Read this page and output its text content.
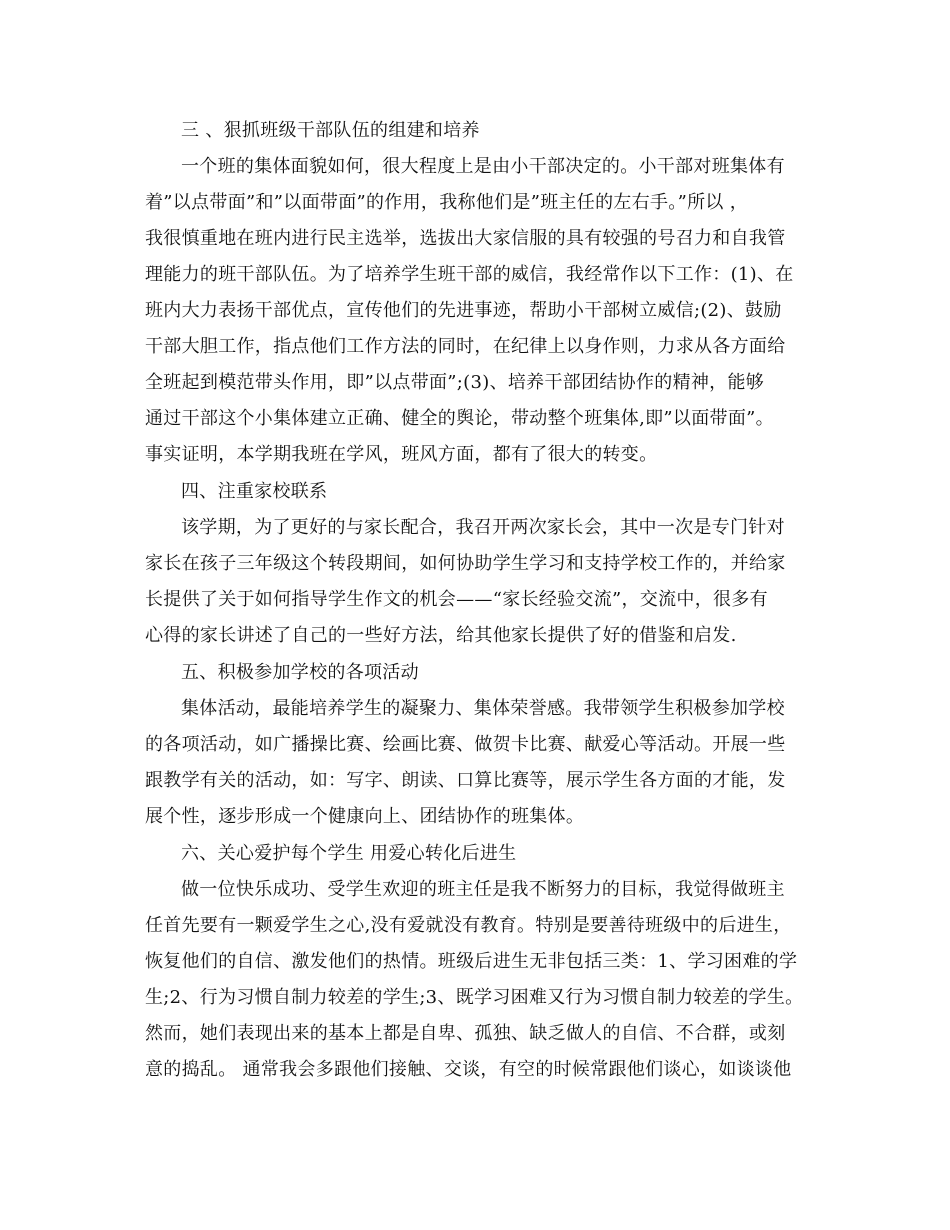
三 、狠抓班级干部队伍的组建和培养
一个班的集体面貌如何，很大程度上是由小干部决定的。小干部对班集体有
着”以点带面”和”以面带面”的作用，我称他们是”班主任的左右手。”所以 ，
我很慎重地在班内进行民主选举，选拔出大家信服的具有较强的号召力和自我管
理能力的班干部队伍。为了培养学生班干部的威信，我经常作以下工作：(1)、在
班内大力表扬干部优点，宣传他们的先进事迹，帮助小干部树立威信;(2)、鼓励
干部大胆工作，指点他们工作方法的同时，在纪律上以身作则，力求从各方面给
全班起到模范带头作用，即”以点带面”;(3)、培养干部团结协作的精神，能够
通过干部这个小集体建立正确、健全的舆论，带动整个班集体,即”以面带面”。
事实证明，本学期我班在学风，班风方面，都有了很大的转变。
四、注重家校联系
该学期，为了更好的与家长配合，我召开两次家长会，其中一次是专门针对
家长在孩子三年级这个转段期间，如何协助学生学习和支持学校工作的，并给家
长提供了关于如何指导学生作文的机会——“家长经验交流”，交流中，很多有
心得的家长讲述了自己的一些好方法，给其他家长提供了好的借鉴和启发.
五、积极参加学校的各项活动
集体活动，最能培养学生的凝聚力、集体荣誉感。我带领学生积极参加学校
的各项活动，如广播操比赛、绘画比赛、做贺卡比赛、献爱心等活动。开展一些
跟教学有关的活动，如：写字、朗读、口算比赛等，展示学生各方面的才能，发
展个性，逐步形成一个健康向上、团结协作的班集体。
六、关心爱护每个学生 用爱心转化后进生
做一位快乐成功、受学生欢迎的班主任是我不断努力的目标，我觉得做班主
任首先要有一颗爱学生之心,没有爱就没有教育。特别是要善待班级中的后进生，
恢复他们的自信、激发他们的热情。班级后进生无非包括三类：1、学习困难的学
生;2、行为习惯自制力较差的学生;3、既学习困难又行为习惯自制力较差的学生。
然而，她们表现出来的基本上都是自卑、孤独、缺乏做人的自信、不合群，或刻
意的捣乱。 通常我会多跟他们接触、交谈，有空的时候常跟他们谈心，如谈谈他
